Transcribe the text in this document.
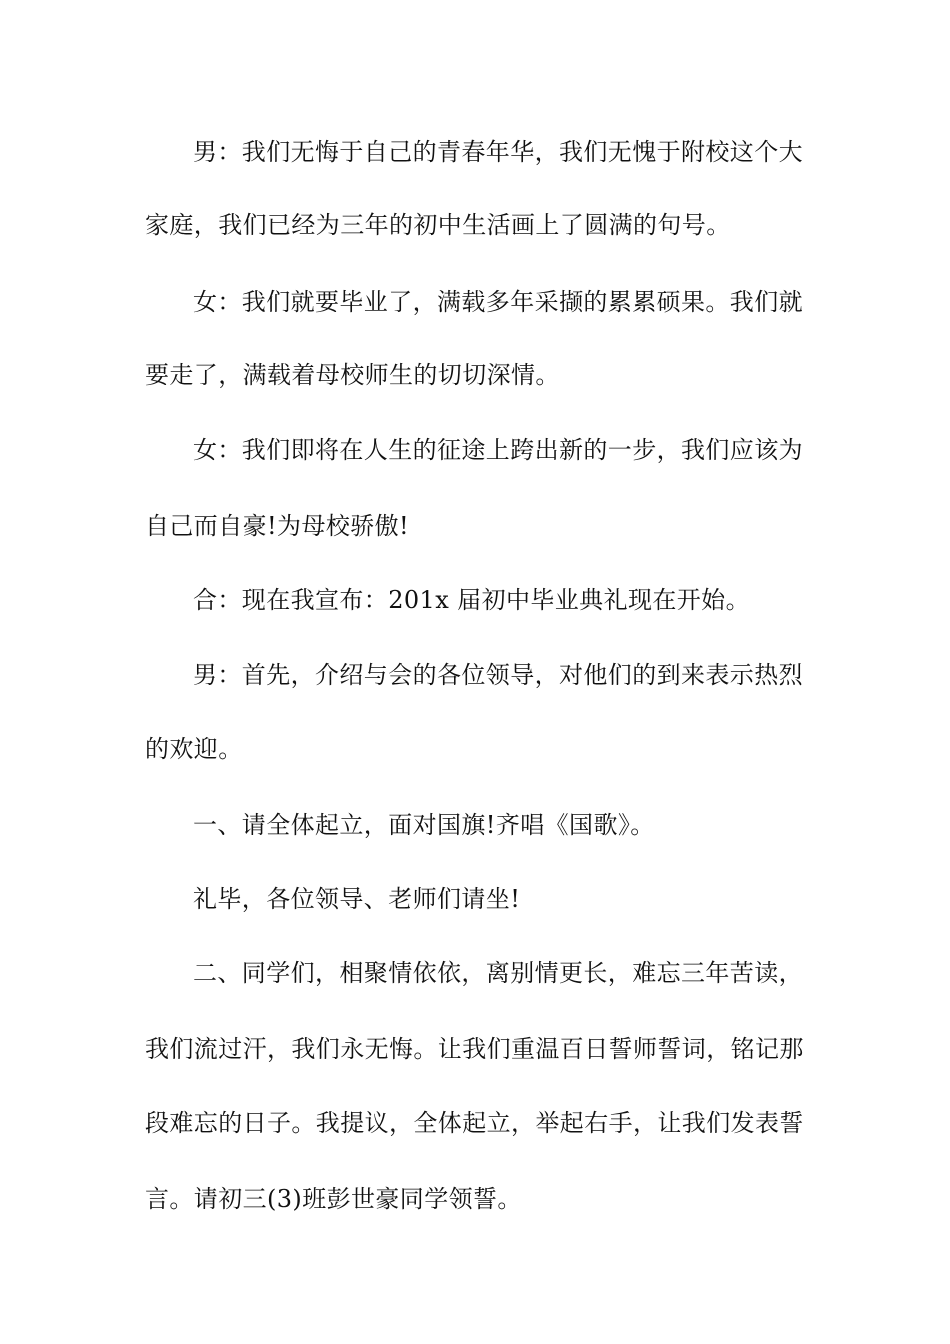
男：我们无悔于自己的青春年华，我们无愧于附校这个大
家庭，我们已经为三年的初中生活画上了圆满的句号。
女：我们就要毕业了，满载多年采撷的累累硕果。我们就
要走了，满载着母校师生的切切深情。
女：我们即将在人生的征途上跨出新的一步，我们应该为
自己而自豪!为母校骄傲!
合：现在我宣布：201x 届初中毕业典礼现在开始。
男：首先，介绍与会的各位领导，对他们的到来表示热烈
的欢迎。
一、请全体起立，面对国旗!齐唱《国歌》。
礼毕，各位领导、老师们请坐!
二、同学们，相聚情依依，离别情更长，难忘三年苦读，
我们流过汗，我们永无悔。让我们重温百日誓师誓词，铭记那
段难忘的日子。我提议，全体起立，举起右手，让我们发表誓
言。请初三(3)班彭世豪同学领誓。
